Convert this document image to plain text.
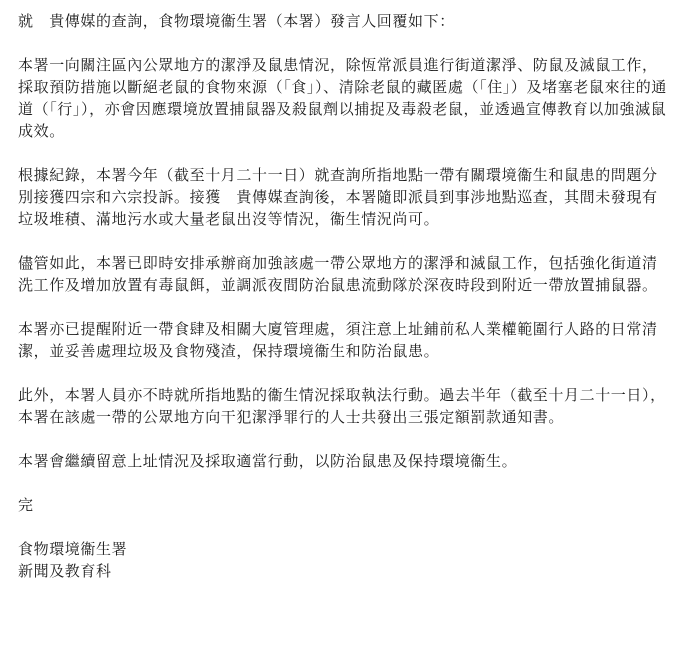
就　貴傳媒的查詢，食物環境衞生署（本署）發言人回覆如下：

本署一向關注區內公眾地方的潔淨及鼠患情況，除恆常派員進行街道潔淨、防鼠及滅鼠工作，採取預防措施以斷絕老鼠的食物來源（「食」）、清除老鼠的藏匿處（「住」）及堵塞老鼠來往的通道（「行」），亦會因應環境放置捕鼠器及殺鼠劑以捕捉及毒殺老鼠，並透過宣傳教育以加強滅鼠成效。

根據紀錄，本署今年（截至十月二十一日）就查詢所指地點一帶有關環境衞生和鼠患的問題分別接獲四宗和六宗投訴。接獲　貴傳媒查詢後，本署隨即派員到事涉地點巡查，其間未發現有垃圾堆積、滿地污水或大量老鼠出沒等情況，衞生情況尚可。

儘管如此，本署已即時安排承辦商加強該處一帶公眾地方的潔淨和滅鼠工作，包括強化街道清洗工作及增加放置有毒鼠餌，並調派夜間防治鼠患流動隊於深夜時段到附近一帶放置捕鼠器。

本署亦已提醒附近一帶食肆及相關大廈管理處，須注意上址鋪前私人業權範圍行人路的日常清潔，並妥善處理垃圾及食物殘渣，保持環境衞生和防治鼠患。

此外，本署人員亦不時就所指地點的衞生情況採取執法行動。過去半年（截至十月二十一日），本署在該處一帶的公眾地方向干犯潔淨罪行的人士共發出三張定額罰款通知書。

本署會繼續留意上址情況及採取適當行動，以防治鼠患及保持環境衞生。

完

食物環境衞生署

新聞及教育科
